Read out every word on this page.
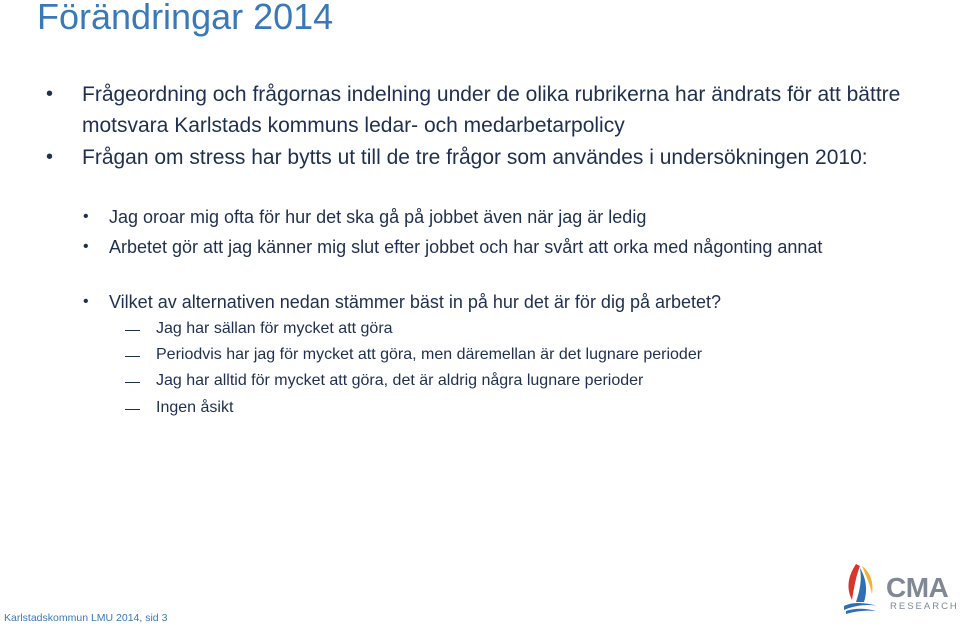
Förändringar 2014
• Frågeordning och frågornas indelning under de olika rubrikerna har ändrats för att bättre motsvara Karlstads kommuns ledar- och medarbetarpolicy
• Frågan om stress har bytts ut till de tre frågor som användes i undersökningen 2010:
• Jag oroar mig ofta för hur det ska gå på jobbet även när jag är ledig
• Arbetet gör att jag känner mig slut efter jobbet och har svårt att orka med någonting annat
• Vilket av alternativen nedan stämmer bäst in på hur det är för dig på arbetet?
Jag har sällan för mycket att göra
Periodvis har jag för mycket att göra, men däremellan är det lugnare perioder
Jag har alltid för mycket att göra, det är aldrig några lugnare perioder
Ingen åsikt
Karlstadskommun LMU 2014, sid 3
CMA
RESEARCH
